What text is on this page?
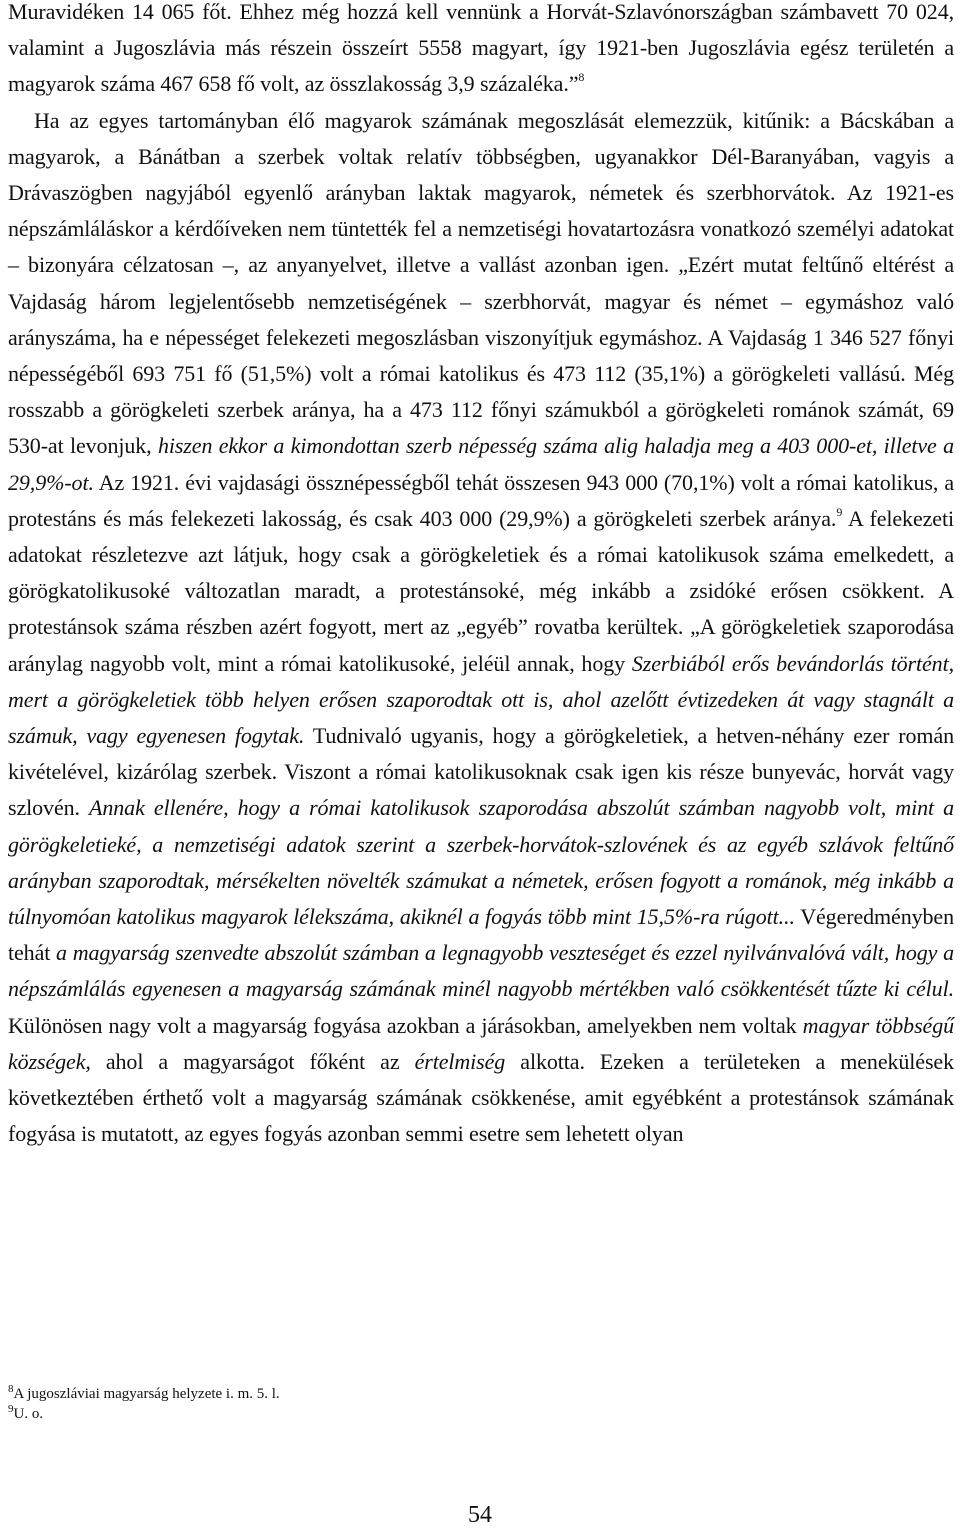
Muravidéken 14 065 főt. Ehhez még hozzá kell vennünk a Horvát-Szlavónországban számbavett 70 024, valamint a Jugoszlávia más részein összeírt 5558 magyart, így 1921-ben Jugoszlávia egész területén a magyarok száma 467 658 fő volt, az összlakosság 3,9 százaléka.”$^8$

Ha az egyes tartományban élő magyarok számának megoszlását elemezzük, kitűnik: a Bácskában a magyarok, a Bánátban a szerbek voltak relatív többségben, ugyanakkor Dél-Baranyában, vagyis a Drávaszögben nagyjából egyenlő arányban laktak magyarok, németek és szerbhorvátok. Az 1921-es népszámláláskor a kérdőíveken nem tüntették fel a nemzetiségi hovatartozásra vonatkozó személyi adatokat – bizonyára célzatosan –, az anyanyelvet, illetve a vallást azonban igen. „Ezért mutat feltűnő eltérést a Vajdaság három legjelentősebb nemzetiségének – szerbhorvát, magyar és német – egymáshoz való arányszáma, ha e népességet felekezeti megoszlásban viszonyítjuk egymáshoz. A Vajdaság 1 346 527 főnyi népességéből 693 751 fő (51,5%) volt a római katolikus és 473 112 (35,1%) a görögkeleti vallású. Még rosszabb a görögkeleti szerbek aránya, ha a 473 112 főnyi számukból a görögkeleti románok számát, 69 530-at levonjuk, hiszen ekkor a kimondottan szerb népesség száma alig haladja meg a 403 000-et, illetve a 29,9%-ot. Az 1921. évi vajdasági össznépességből tehát összesen 943 000 (70,1%) volt a római katolikus, a protestáns és más felekezeti lakosság, és csak 403 000 (29,9%) a görögkeleti szerbek aránya.$^9$ A felekezeti adatokat részletezve azt látjuk, hogy csak a görögkeletiek és a római katolikusok száma emelkedett, a görögkatolikusoké változatlan maradt, a protestánsoké, még inkább a zsidóké erősen csökkent. A protestánsok száma részben azért fogyott, mert az „egyéb” rovatba kerültek. „A görögkeletiek szaporodása aránylag nagyobb volt, mint a római katolikusoké, jeléül annak, hogy Szerbiából erős bevándorlás történt, mert a görögkeletiek több helyen erősen szaporodtak ott is, ahol azelőtt évtizedeken át vagy stagnált a számuk, vagy egyenesen fogytak. Tudnivaló ugyanis, hogy a görögkeletiek, a hetven-néhány ezer román kivételével, kizárólag szerbek. Viszont a római katolikusoknak csak igen kis része bunyevác, horvát vagy szlovén. Annak ellenére, hogy a római katolikusok szaporodása abszolút számban nagyobb volt, mint a görögkeletieké, a nemzetiségi adatok szerint a szerbek-horvátok-szlovének és az egyéb szlávok feltűnő arányban szaporodtak, mérsékelten növelték számukat a németek, erősen fogyott a románok, még inkább a túlnyomóan katolikus magyarok lélekszáma, akiknél a fogyás több mint 15,5%-ra rúgott... Végeredményben tehát a magyarság szenvedte abszolút számban a legnagyobb veszteséget és ezzel nyilvánvalóvá vált, hogy a népszámlálás egyenesen a magyarság számának minél nagyobb mértékben való csökkentését tűzte ki célul. Különösen nagy volt a magyarság fogyása azokban a járásokban, amelyekben nem voltak magyar többségű községek, ahol a magyarságot főként az értelmiség alkotta. Ezeken a területeken a menekülések következtében érthető volt a magyarság számának csökkenése, amit egyébként a protestánsok számának fogyása is mutatott, az egyes fogyás azonban semmi esetre sem lehetett olyan

$^8$A jugoszláviai magyarság helyzete i. m. 5. l.

$^9$U. o.

54
